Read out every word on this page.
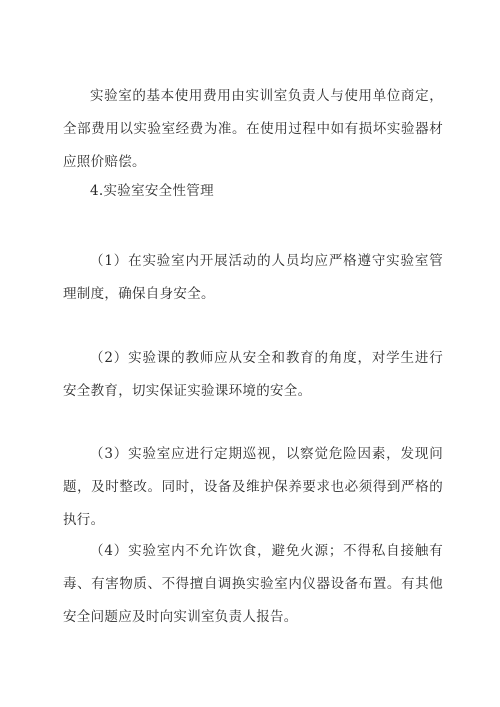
实验室的基本使用费用由实训室负责人与使用单位商定，全部费用以实验室经费为准。在使用过程中如有损坏实验器材应照价赔偿。

4.实验室安全性管理

（1）在实验室内开展活动的人员均应严格遵守实验室管理制度，确保自身安全。

（2）实验课的教师应从安全和教育的角度，对学生进行安全教育，切实保证实验课环境的安全。

（3）实验室应进行定期巡视，以察觉危险因素，发现问题，及时整改。同时，设备及维护保养要求也必须得到严格的执行。

（4）实验室内不允许饮食，避免火源；不得私自接触有毒、有害物质、不得擅自调换实验室内仪器设备布置。有其他安全问题应及时向实训室负责人报告。
